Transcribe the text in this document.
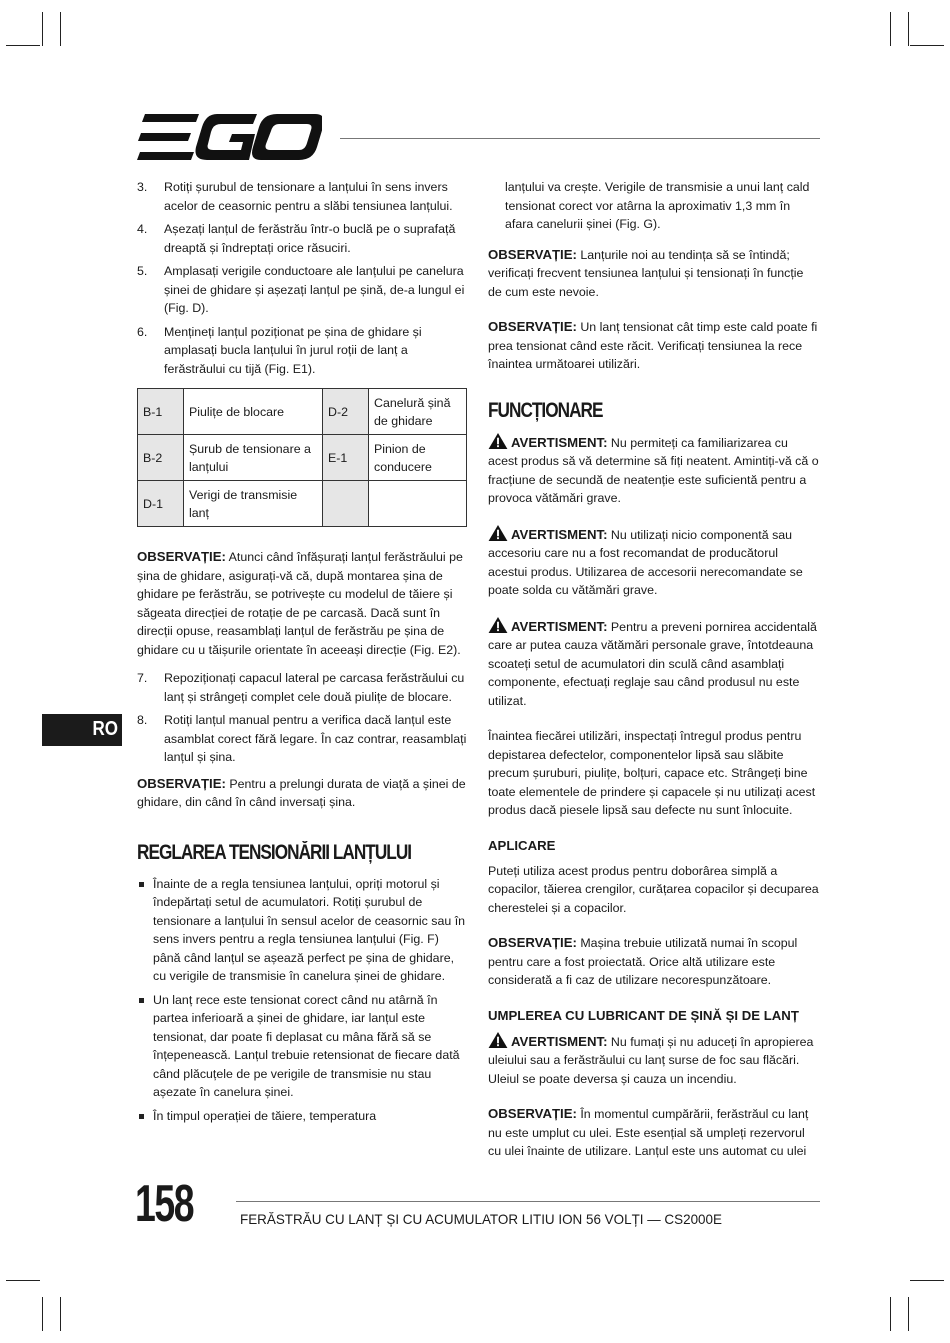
3.	Rotiți șurubul de tensionare a lanțului în sens invers acelor de ceasornic pentru a slăbi tensiunea lanțului.
4.	Așezați lanțul de ferăstrău într-o buclă pe o suprafață dreaptă și îndreptați orice răsuciri.
5.	Amplasați verigile conductoare ale lanțului pe canelura șinei de ghidare și așezați lanțul pe șină, de-a lungul ei (Fig. D).
6.	Mențineți lanțul poziționat pe șina de ghidare și amplasați bucla lanțului în jurul roții de lanț a ferăstrăului cu tijă (Fig. E1).
B-1	Piulițe de blocare	D-2	Canelură șină de ghidare
B-2	Șurub de tensionare a lanțului	E-1	Pinion de conducere
D-1	Verigi de transmisie lanț		

OBSERVAȚIE: Atunci când înfășurați lanțul ferăstrăului pe șina de ghidare, asigurați-vă că, după montarea șina de ghidare pe ferăstrău, se potrivește cu modelul de tăiere și săgeata direcției de rotație de pe carcasă. Dacă sunt în direcții opuse, reasamblați lanțul de ferăstrău pe șina de ghidare cu u tăișurile orientate în aceeași direcție (Fig. E2).

7.	Repoziționați capacul lateral pe carcasa ferăstrăului cu lanț și strângeți complet cele două piulițe de blocare.
8.	Rotiți lanțul manual pentru a verifica dacă lanțul este asamblat corect fără legare. În caz contrar, reasamblați lanțul și șina.

OBSERVAȚIE: Pentru a prelungi durata de viață a șinei de ghidare, din când în când inversați șina.

REGLAREA TENSIONĂRII LANȚULUI
Înainte de a regla tensiunea lanțului, opriți motorul și îndepărtați setul de acumulatori. Rotiți șurubul de tensionare a lanțului în sensul acelor de ceasornic sau în sens invers pentru a regla tensiunea lanțului (Fig. F) până când lanțul se așează perfect pe șina de ghidare, cu verigile de transmisie în canelura șinei de ghidare.
Un lanț rece este tensionat corect când nu atârnă în partea inferioară a șinei de ghidare, iar lanțul este tensionat, dar poate fi deplasat cu mâna fără să se înțepenească. Lanțul trebuie retensionat de fiecare dată când plăcuțele de pe verigile de transmisie nu stau așezate în canelura șinei.
În timpul operației de tăiere, temperatura

lanțului va crește. Verigile de transmisie a unui lanț cald tensionat corect vor atârna la aproximativ 1,3 mm în afara canelurii șinei (Fig. G).

OBSERVAȚIE: Lanțurile noi au tendința să se întindă; verificați frecvent tensiunea lanțului și tensionați în funcție de cum este nevoie.

OBSERVAȚIE: Un lanț tensionat cât timp este cald poate fi prea tensionat când este răcit. Verificați tensiunea la rece înaintea următoarei utilizări.

FUNCȚIONARE

AVERTISMENT: Nu permiteți ca familiarizarea cu acest produs să vă determine să fiți neatent. Amintiți-vă că o fracțiune de secundă de neatenție este suficientă pentru a provoca vătămări grave.

AVERTISMENT: Nu utilizați nicio componentă sau accesoriu care nu a fost recomandat de producătorul acestui produs. Utilizarea de accesorii nerecomandate se poate solda cu vătămări grave.

AVERTISMENT: Pentru a preveni pornirea accidentală care ar putea cauza vătămări personale grave, întotdeauna scoateți setul de acumulatori din sculă când asamblați componente, efectuați reglaje sau când produsul nu este utilizat.

Înaintea fiecărei utilizări, inspectați întregul produs pentru depistarea defectelor, componentelor lipsă sau slăbite precum șuruburi, piulițe, bolțuri, capace etc. Strângeți bine toate elementele de prindere și capacele și nu utilizați acest produs dacă piesele lipsă sau defecte nu sunt înlocuite.

APLICARE

Puteți utiliza acest produs pentru doborârea simplă a copacilor, tăierea crengilor, curățarea copacilor și decuparea cherestelei și a copacilor.

OBSERVAȚIE: Mașina trebuie utilizată numai în scopul pentru care a fost proiectată. Orice altă utilizare este considerată a fi caz de utilizare necorespunzătoare.

UMPLEREA CU LUBRICANT DE ȘINĂ ȘI DE LANȚ

AVERTISMENT: Nu fumați și nu aduceți în apropierea uleiului sau a ferăstrăului cu lanț surse de foc sau flăcări. Uleiul se poate deversa și cauza un incendiu.

OBSERVAȚIE: În momentul cumpărării, ferăstrăul cu lanț nu este umplut cu ulei. Este esențial să umpleți rezervorul cu ulei înainte de utilizare. Lanțul este uns automat cu ulei

RO
158	FERĂSTRĂU CU LANȚ ȘI CU ACUMULATOR LITIU ION 56 VOLȚI — CS2000E
